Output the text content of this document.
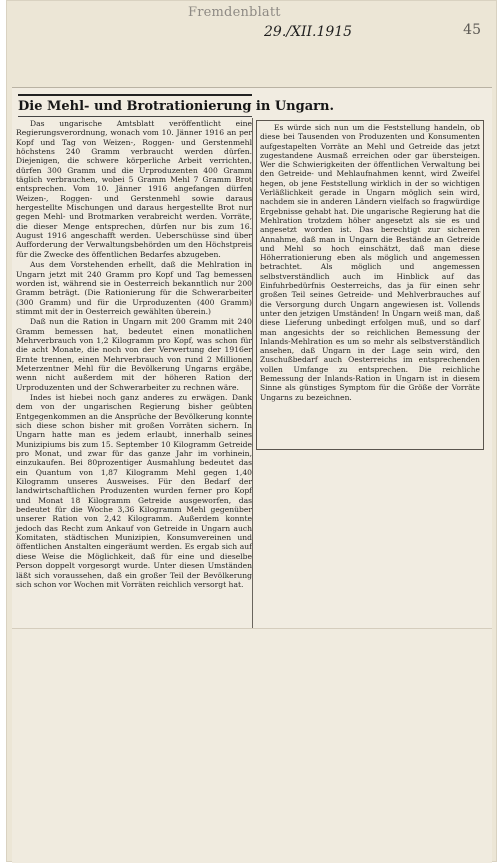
Fremdenblatt
29./XII.1915	45
Die Mehl- und Brotrationierung in Ungarn.

Das ungarische Amtsblatt veröffentlicht eine Regierungsverordnung, wonach vom 10. Jänner 1916 an per Kopf und Tag von Weizen-, Roggen- und Gerstenmehl höchstens 240 Gramm verbraucht werden dürfen. Diejenigen, die schwere körperliche Arbeit verrichten, dürfen 300 Gramm und die Urproduzenten 400 Gramm täglich verbrauchen, wobei 5 Gramm Mehl 7 Gramm Brot entsprechen. Vom 10. Jänner 1916 angefangen dürfen Weizen-, Roggen- und Gerstenmehl sowie daraus hergestellte Mischungen und daraus hergestellte Brot nur gegen Mehl- und Brotmarken verabreicht werden. Vorräte, die dieser Menge entsprechen, dürfen nur bis zum 16. August 1916 angeschafft werden. Ueberschüsse sind über Aufforderung der Verwaltungsbehörden um den Höchstpreis für die Zwecke des öffentlichen Bedarfes abzugeben.

Aus dem Vorstehenden erhellt, daß die Mehlration in Ungarn jetzt mit 240 Gramm pro Kopf und Tag bemessen worden ist, während sie in Oesterreich bekanntlich nur 200 Gramm beträgt. (Die Rationierung für die Schwerarbeiter (300 Gramm) und für die Urproduzenten (400 Gramm) stimmt mit der in Oesterreich gewählten überein.)

Daß nun die Ration in Ungarn mit 200 Gramm mit 240 Gramm bemessen hat, bedeutet einen monatlichen Mehrverbrauch von 1,2 Kilogramm pro Kopf, was schon für die acht Monate, die noch von der Verwertung der 1916er Ernte trennen, einen Mehrverbrauch von rund 2 Millionen Meterzentner Mehl für die Bevölkerung Ungarns ergäbe, wenn nicht außerdem mit der höheren Ration der Urproduzenten und der Schwerarbeiter zu rechnen wäre.

Indes ist hiebei noch ganz anderes zu erwägen. Dank dem von der ungarischen Regierung bisher geübten Entgegenkommen an die Ansprüche der Bevölkerung konnte sich diese schon bisher mit großen Vorräten sichern. In Ungarn hatte man es jedem erlaubt, innerhalb seines Munizipiums bis zum 15. September 10 Kilogramm Getreide pro Monat, und zwar für das ganze Jahr im vorhinein, einzukaufen. Bei 80prozentiger Ausmahlung bedeutet das ein Quantum von 1,87 Kilogramm Mehl gegen 1,40 Kilogramm unseres Ausweises. Für den Bedarf der landwirtschaftlichen Produzenten wurden ferner pro Kopf und Monat 18 Kilogramm Getreide ausgeworfen, das bedeutet für die Woche 3,36 Kilogramm Mehl gegenüber unserer Ration von 2,42 Kilogramm. Außerdem konnte jedoch das Recht zum Ankauf von Getreide in Ungarn auch Komitaten, städtischen Munizipien, Konsumvereinen und öffentlichen Anstalten eingeräumt werden. Es ergab sich auf diese Weise die Möglichkeit, daß für eine und dieselbe Person doppelt vorgesorgt wurde. Unter diesen Umständen läßt sich voraussehen, daß ein großer Teil der Bevölkerung sich schon vor Wochen mit Vorräten reichlich versorgt hat.

Es würde sich nun um die Feststellung handeln, ob diese bei Tausenden von Produzenten und Konsumenten aufgestapelten Vorräte an Mehl und Getreide das jetzt zugestandene Ausmaß erreichen oder gar übersteigen. Wer die Schwierigkeiten der öffentlichen Verwaltung bei den Getreide- und Mehlaufnahmen kennt, wird Zweifel hegen, ob jene Feststellung wirklich in der so wichtigen Verläßlichkeit gerade in Ungarn möglich sein wird, nachdem sie in anderen Ländern vielfach so fragwürdige Ergebnisse gehabt hat. Die ungarische Regierung hat die Mehlration trotzdem höher angesetzt als sie es und angesetzt worden ist. Das berechtigt zur sicheren Annahme, daß man in Ungarn die Bestände an Getreide und Mehl so hoch einschätzt, daß man diese Höherrationierung eben als möglich und angemessen betrachtet. Als möglich und angemessen selbstverständlich auch im Hinblick auf das Einfuhrbedürfnis Oesterreichs, das ja für einen sehr großen Teil seines Getreide- und Mehlverbrauches auf die Versorgung durch Ungarn angewiesen ist. Vollends unter den jetzigen Umständen! In Ungarn weiß man, daß diese Lieferung unbedingt erfolgen muß, und so darf man angesichts der so reichlichen Bemessung der Inlands-Mehlration es um so mehr als selbstverständlich ansehen, daß Ungarn in der Lage sein wird, den Zuschußbedarf auch Oesterreichs im entsprechenden vollen Umfange zu entsprechen. Die reichliche Bemessung der Inlands-Ration in Ungarn ist in diesem Sinne als günstiges Symptom für die Größe der Vorräte Ungarns zu bezeichnen.
